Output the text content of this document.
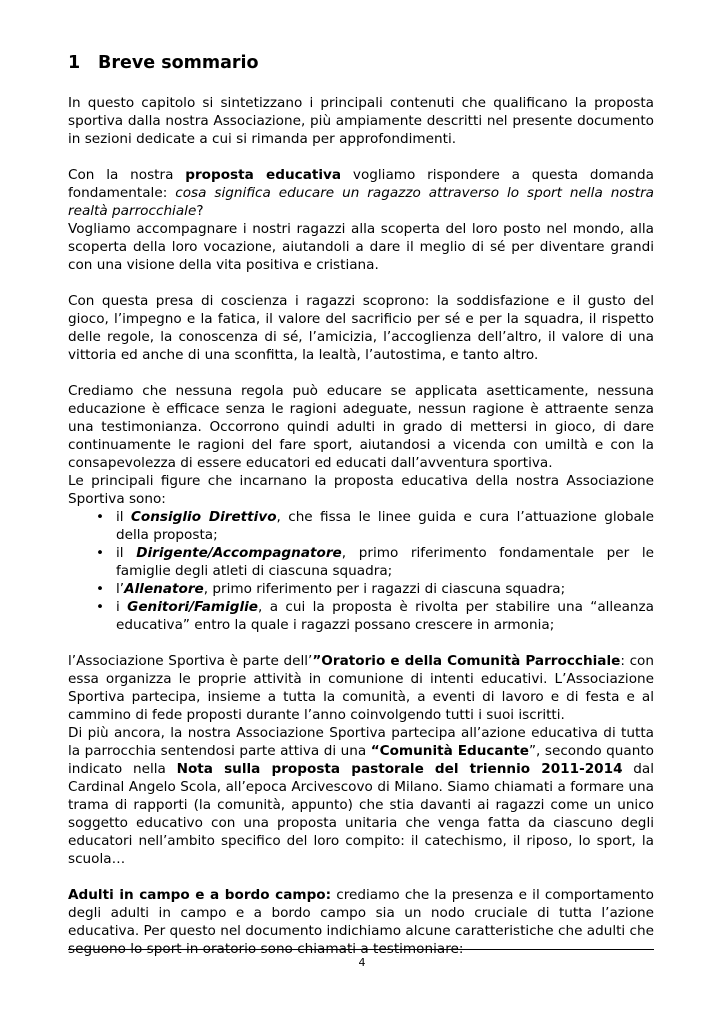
1 Breve sommario

In questo capitolo si sintetizzano i principali contenuti che qualificano la proposta sportiva dalla nostra Associazione, più ampiamente descritti nel presente documento in sezioni dedicate a cui si rimanda per approfondimenti.

Con la nostra proposta educativa vogliamo rispondere a questa domanda fondamentale: cosa significa educare un ragazzo attraverso lo sport nella nostra realtà parrocchiale?

Vogliamo accompagnare i nostri ragazzi alla scoperta del loro posto nel mondo, alla scoperta della loro vocazione, aiutandoli a dare il meglio di sé per diventare grandi con una visione della vita positiva e cristiana.

Con questa presa di coscienza i ragazzi scoprono: la soddisfazione e il gusto del gioco, l’impegno e la fatica, il valore del sacrificio per sé e per la squadra, il rispetto delle regole, la conoscenza di sé, l’amicizia, l’accoglienza dell’altro, il valore di una vittoria ed anche di una sconfitta, la lealtà, l’autostima, e tanto altro.

Crediamo che nessuna regola può educare se applicata asetticamente, nessuna educazione è efficace senza le ragioni adeguate, nessun ragione è attraente senza una testimonianza. Occorrono quindi adulti in grado di mettersi in gioco, di dare continuamente le ragioni del fare sport, aiutandosi a vicenda con umiltà e con la consapevolezza di essere educatori ed educati dall’avventura sportiva.

Le principali figure che incarnano la proposta educativa della nostra Associazione Sportiva sono:

• il Consiglio Direttivo, che fissa le linee guida e cura l’attuazione globale della proposta;
• il Dirigente/Accompagnatore, primo riferimento fondamentale per le famiglie degli atleti di ciascuna squadra;
• l’Allenatore, primo riferimento per i ragazzi di ciascuna squadra;
• i Genitori/Famiglie, a cui la proposta è rivolta per stabilire una “alleanza educativa” entro la quale i ragazzi possano crescere in armonia;

l’Associazione Sportiva è parte dell’”Oratorio e della Comunità Parrocchiale: con essa organizza le proprie attività in comunione di intenti educativi. L’Associazione Sportiva partecipa, insieme a tutta la comunità, a eventi di lavoro e di festa e al cammino di fede proposti durante l’anno coinvolgendo tutti i suoi iscritti.

Di più ancora, la nostra Associazione Sportiva partecipa all’azione educativa di tutta la parrocchia sentendosi parte attiva di una “Comunità Educante”, secondo quanto indicato nella Nota sulla proposta pastorale del triennio 2011-2014 dal Cardinal Angelo Scola, all’epoca Arcivescovo di Milano. Siamo chiamati a formare una trama di rapporti (la comunità, appunto) che stia davanti ai ragazzi come un unico soggetto educativo con una proposta unitaria che venga fatta da ciascuno degli educatori nell’ambito specifico del loro compito: il catechismo, il riposo, lo sport, la scuola…

Adulti in campo e a bordo campo: crediamo che la presenza e il comportamento degli adulti in campo e a bordo campo sia un nodo cruciale di tutta l’azione educativa. Per questo nel documento indichiamo alcune caratteristiche che adulti che seguono lo sport in oratorio sono chiamati a testimoniare:

4
